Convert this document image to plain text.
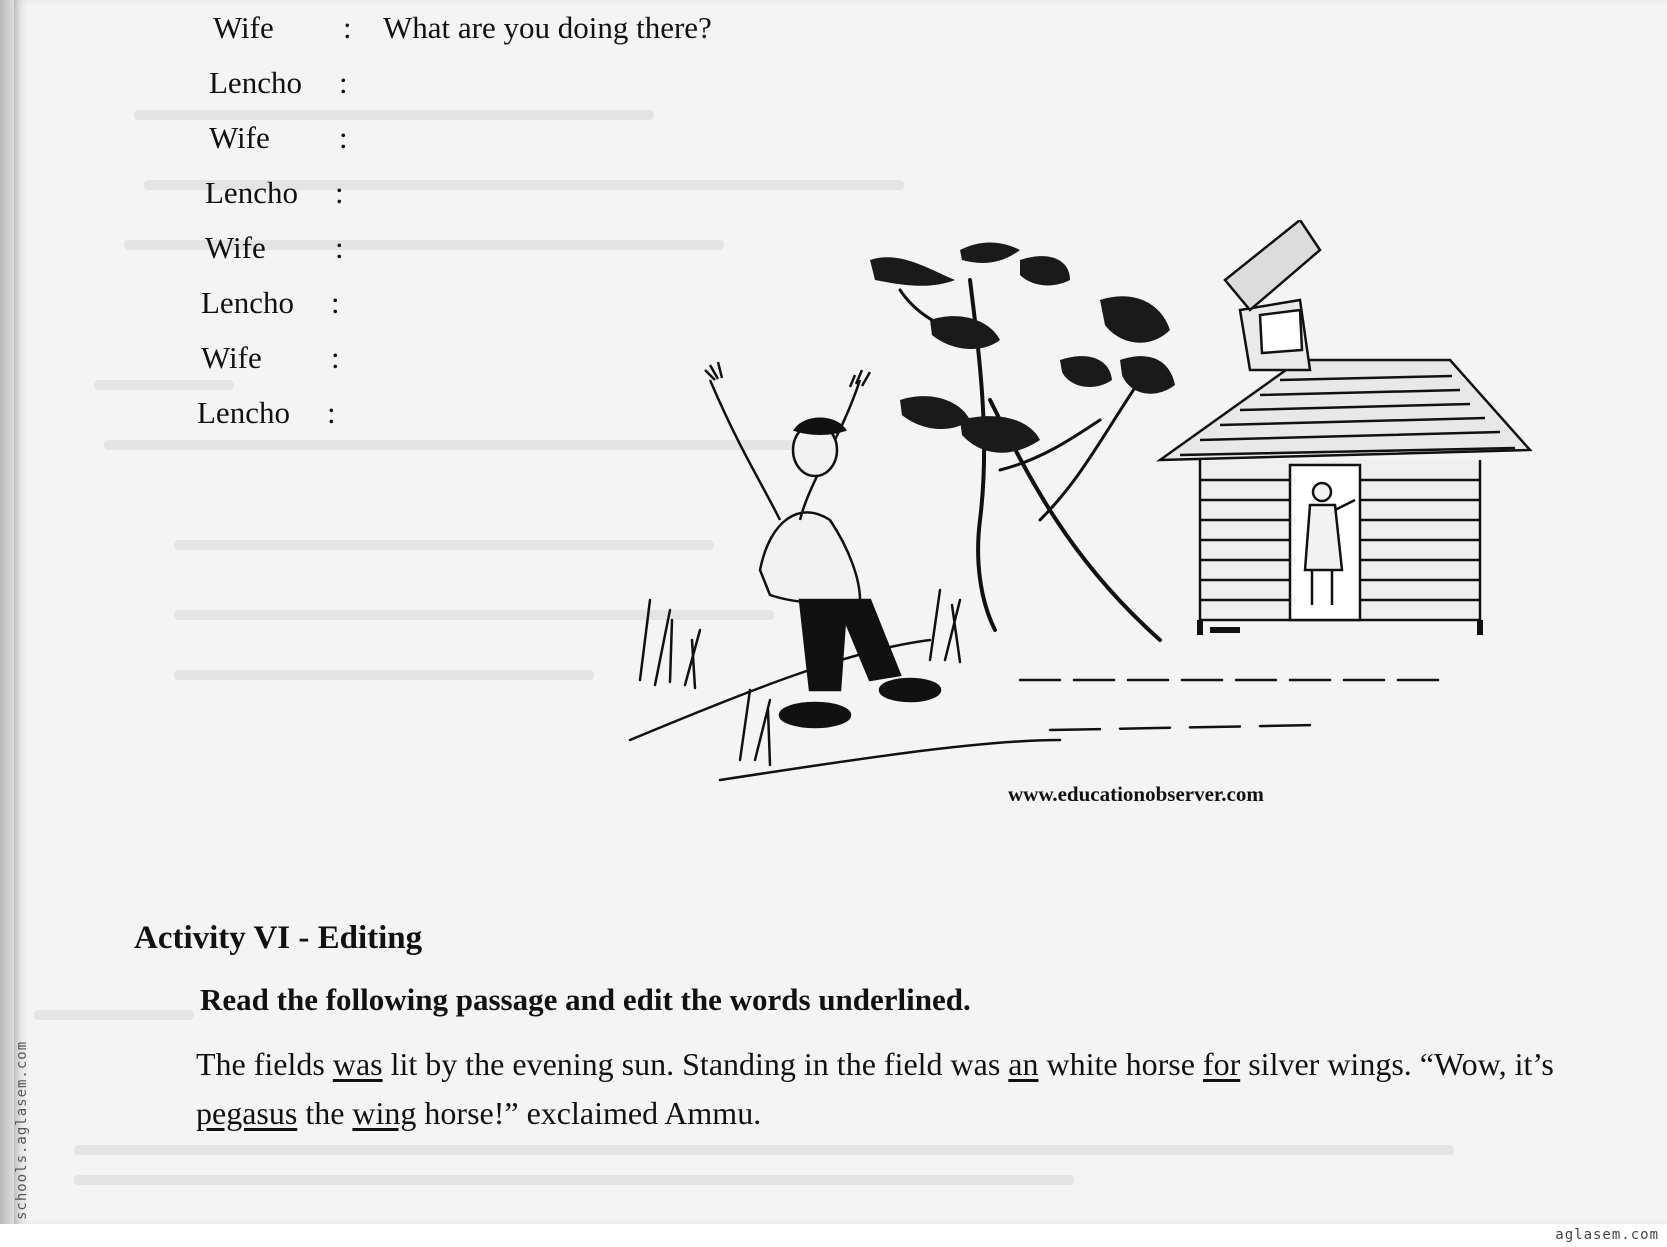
Wife : What are you doing there?
Lencho :
Wife :
Lencho :
Wife :
Lencho :
Wife :
Lencho :
www.educationobserver.com
Activity VI - Editing
Read the following passage and edit the words underlined.
The fields was lit by the evening sun. Standing in the field was an white horse for silver wings. “Wow, it’s pegasus the wing horse!” exclaimed Ammu.
schools.aglasem.com
aglasem.com
